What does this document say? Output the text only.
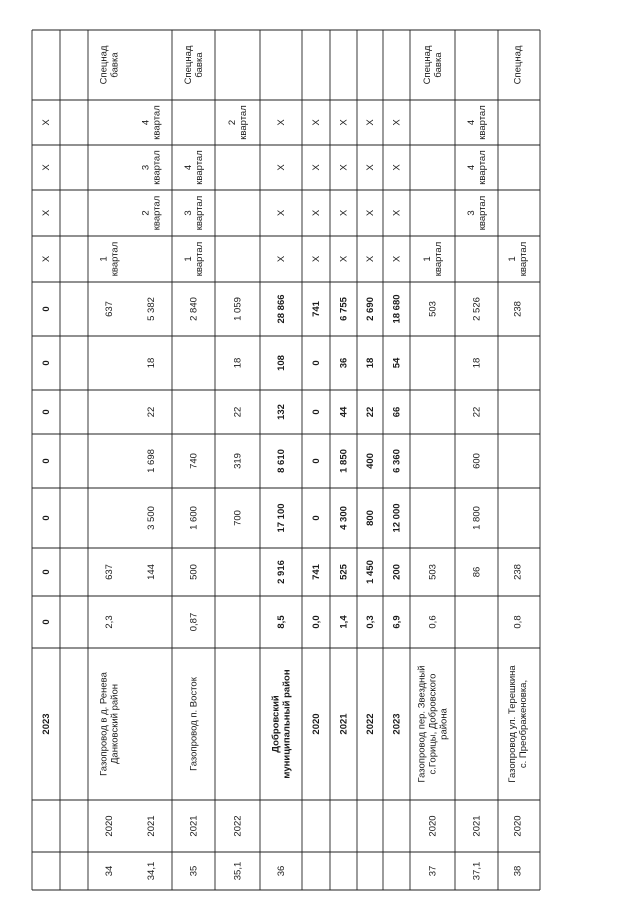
2023
0
0
0
0
0
0
0
Х
Х
Х
Х
34
2020
Газопровод в д. РеневаДанковский район
2,3
637
637
1квартал
Спецнадбавка
34,1
2021
144
3 500
1 698
22
18
5 382
2квартал
3квартал
4квартал
35
2021
Газопровод п. Восток
0,87
500
1 600
740
2 840
1квартал
3квартал
4квартал
Спецнадбавка
35,1
2022
700
319
22
18
1 059
2квартал
36
Добровскиймуниципальный район
8,5
2 916
17 100
8 610
132
108
28 866
Х
Х
Х
Х
2020
0,0
741
0
0
0
0
741
Х
Х
Х
Х
2021
1,4
525
4 300
1 850
44
36
6 755
Х
Х
Х
Х
2022
0,3
1 450
800
400
22
18
2 690
Х
Х
Х
Х
2023
6,9
200
12 000
6 360
66
54
18 680
Х
Х
Х
Х
37
2020
Газопровод пер. Звездныйс.Горицы, Добровскогорайона
0,6
503
503
1квартал
Спецнадбавка
37,1
2021
86
1 800
600
22
18
2 526
3квартал
4квартал
4квартал
38
2020
Газопровод ул. Терешкинас. Преображеновка,
0,8
238
238
1квартал
Спецнад
